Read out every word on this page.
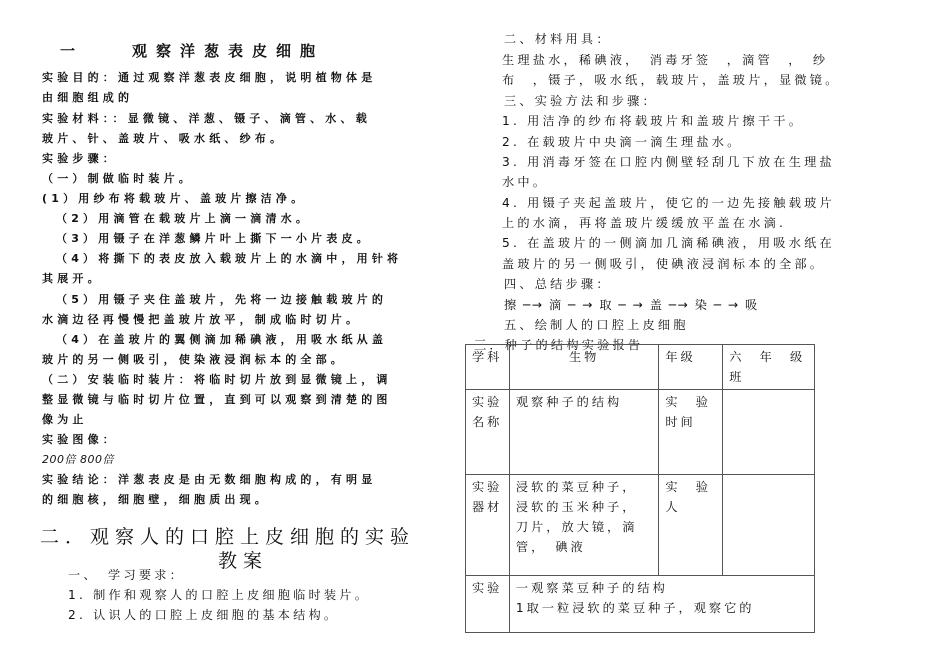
一　　观察洋葱表皮细胞
实验目的：通过观察洋葱表皮细胞，说明植物体是
由细胞组成的
实验材料：：显微镜、洋葱、镊子、滴管、水、载
玻片、针、盖玻片、吸水纸、纱布。
实验步骤：
（一）制做临时装片。
(1）用纱布将载玻片、盖玻片擦洁净。
（2）用滴管在载玻片上滴一滴清水。
（3）用镊子在洋葱鳞片叶上撕下一小片表皮。
（4）将撕下的表皮放入载玻片上的水滴中，用针将
其展开。
（5）用镊子夹住盖玻片，先将一边接触载玻片的
水滴边径再慢慢把盖玻片放平，制成临时切片。
（4）在盖玻片的翼侧滴加稀碘液，用吸水纸从盖
玻片的另一侧吸引，使染液浸润标本的全部。
（二）安装临时装片：将临时切片放到显微镜上，调
整显微镜与临时切片位置，直到可以观察到清楚的图
像为止
实验图像：
200倍 800倍
实验结论：洋葱表皮是由无数细胞构成的，有明显
的细胞核，细胞壁，细胞质出现。
二．观察人的口腔上皮细胞的实验
教案
一、　学习要求：
1. 制作和观察人的口腔上皮细胞临时装片。
2. 认识人的口腔上皮细胞的基本结构。
二、材料用具：
生理盐水，稀碘液，　消毒牙签　，滴管　，　纱
布　，镊子，吸水纸，载玻片，盖玻片，显微镜。
三、实验方法和步骤：
1. 用洁净的纱布将载玻片和盖玻片擦干干。
2. 在载玻片中央滴一滴生理盐水。
3. 用消毒牙签在口腔内侧壁轻刮几下放在生理盐
水中。
4. 用镊子夹起盖玻片，使它的一边先接触载玻片
上的水滴，再将盖玻片缓缓放平盖在水滴.
5. 在盖玻片的一侧滴加几滴稀碘液，用吸水纸在
盖玻片的另一侧吸引，使碘液浸润标本的全部。
四、总结步骤：
擦 ─→ 滴 ─ → 取 ─ → 盖 ─→ 染 ─ → 吸
五、绘制人的口腔上皮细胞
三．种子的结构实验报告
学科	生物	年级	六　年　级班
实验名称	观察种子的结构	实　验时间	
实验器材	浸软的菜豆种子，浸软的玉米种子，刀片，放大镜，滴管，　碘液	实　验人	
实验	一观察菜豆种子的结构
1取一粒浸软的菜豆种子，观察它的		
